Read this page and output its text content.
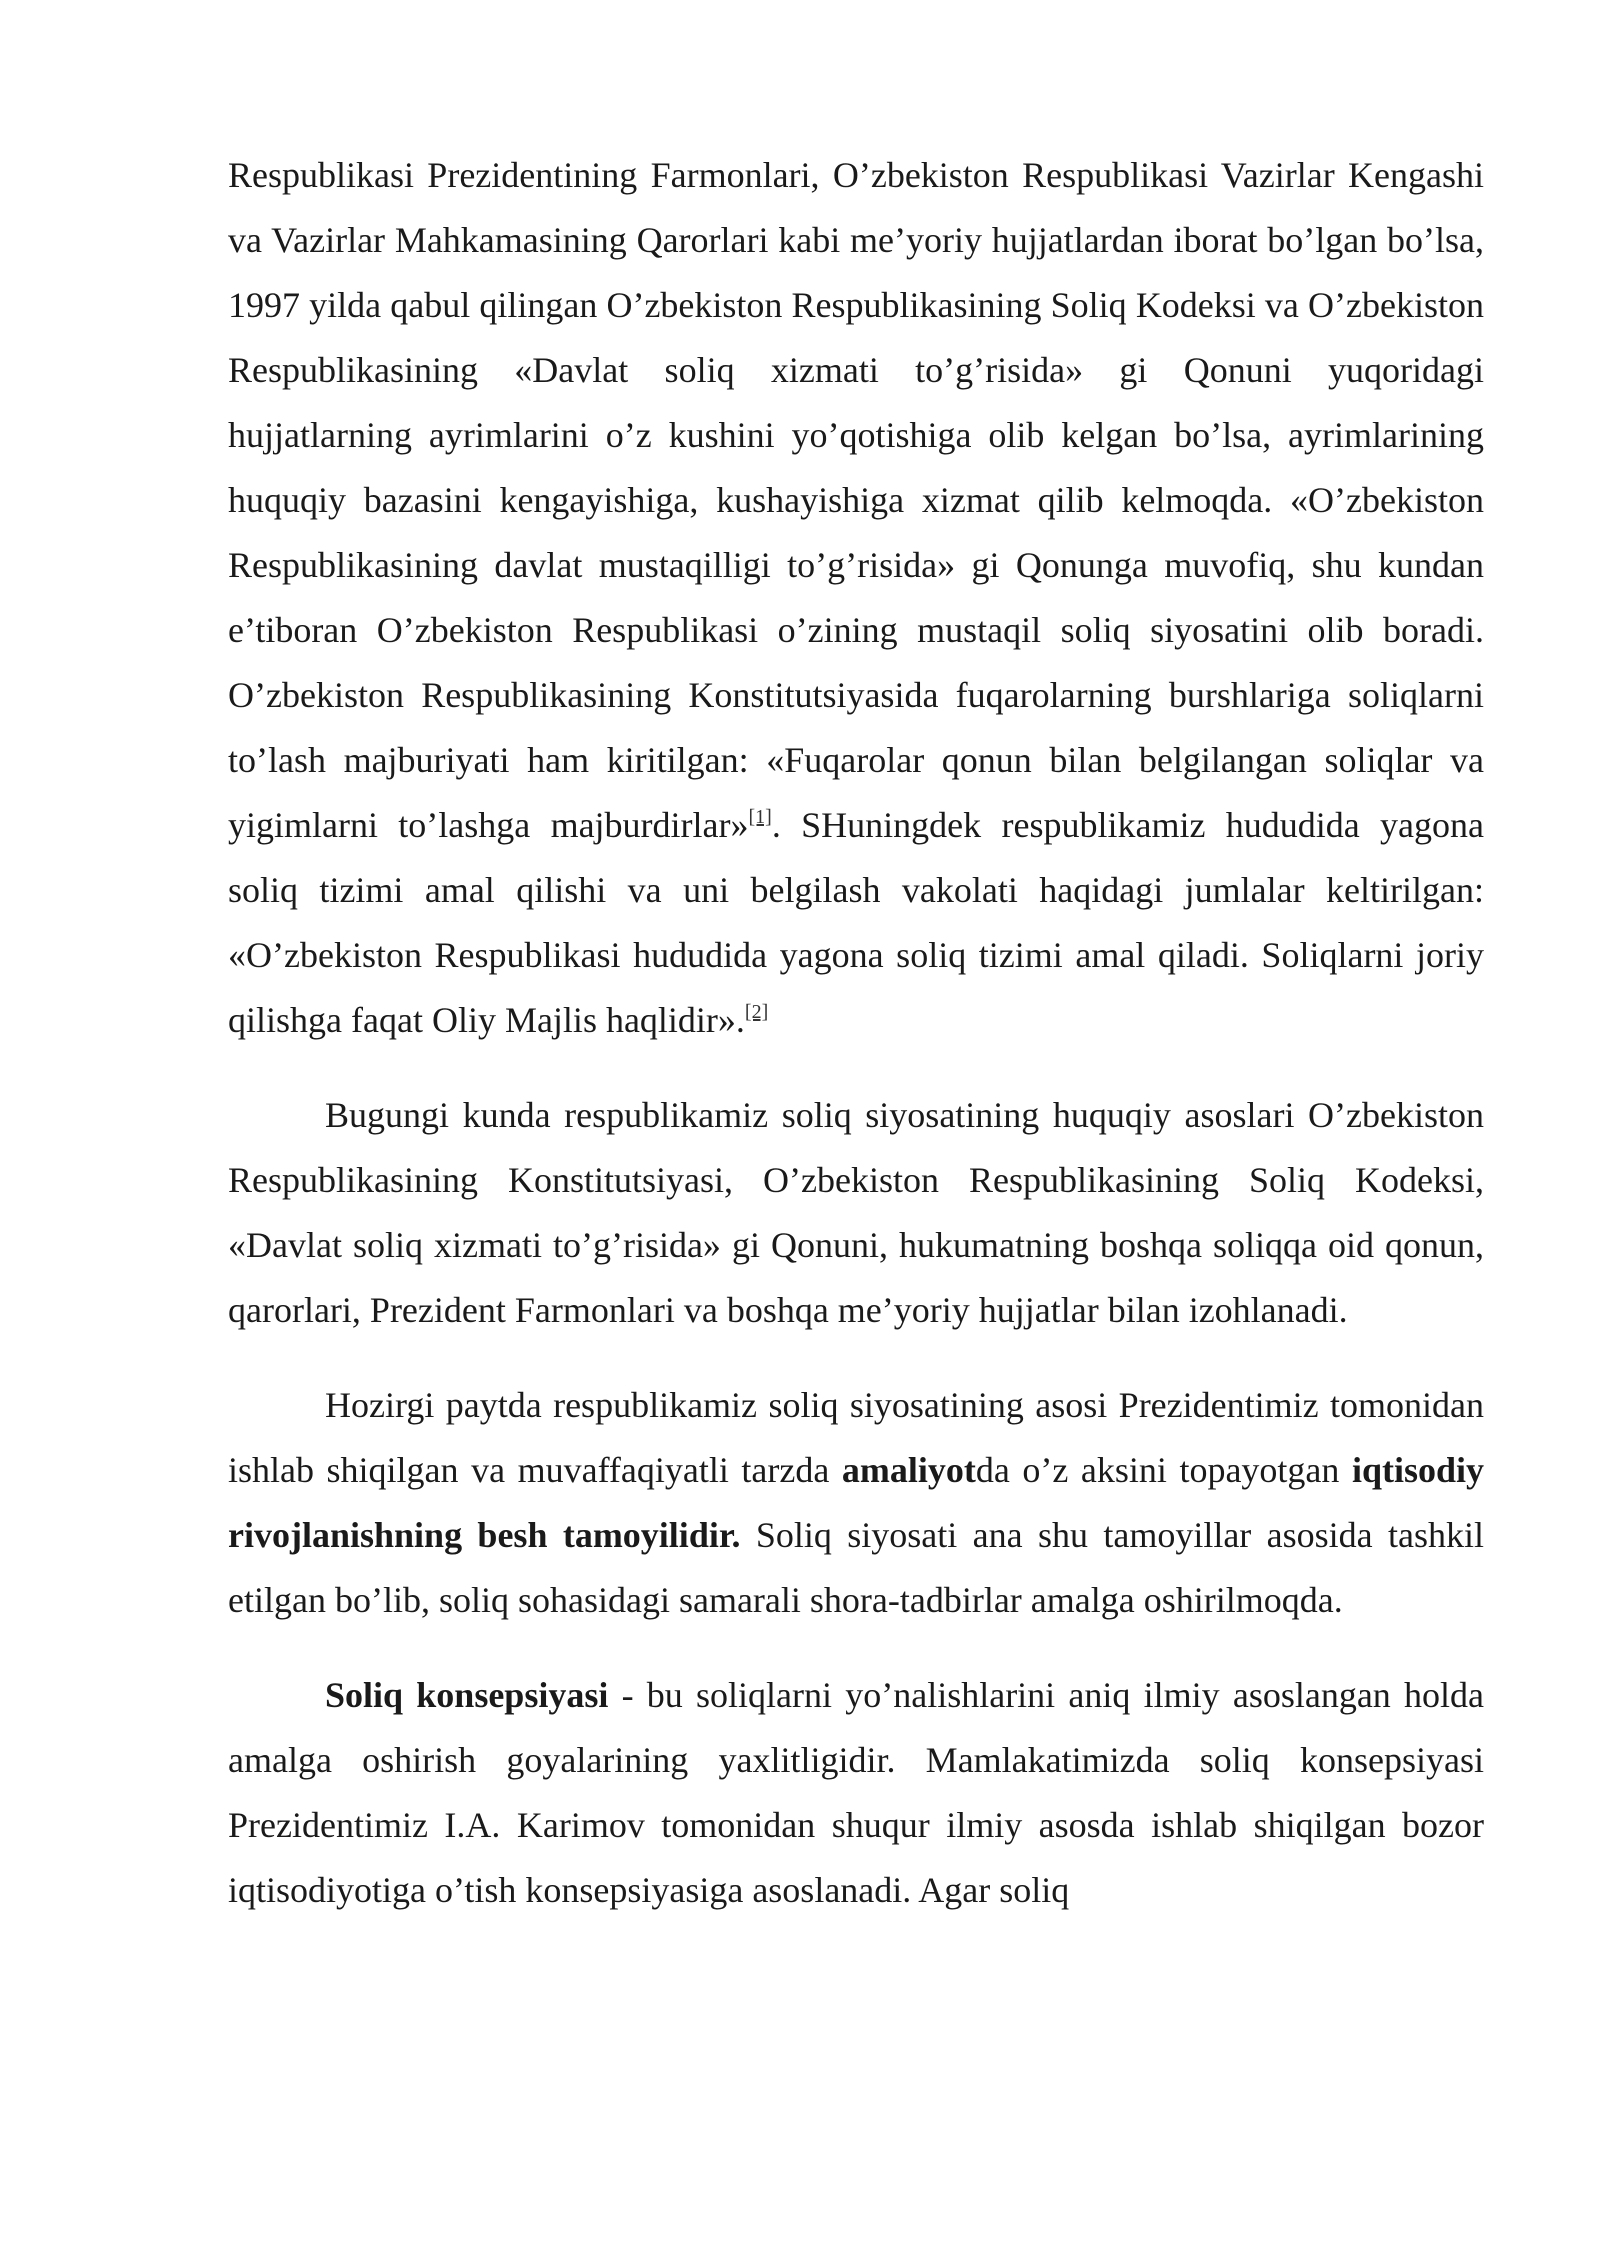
Respublikasi Prezidentining Farmonlari, O’zbekiston Respublikasi Vazirlar Kengashi va Vazirlar Mahkamasining Qarorlari kabi me’yoriy hujjatlardan iborat bo’lgan bo’lsa, 1997 yilda qabul qilingan O’zbekiston Respublikasining Soliq Kodeksi va O’zbekiston Respublikasining «Davlat soliq xizmati to’g’risida» gi Qonuni yuqoridagi hujjatlarning ayrimlarini o’z kushini yo’qotishiga olib kelgan bo’lsa, ayrimlarining huquqiy bazasini kengayishiga, kushayishiga xizmat qilib kelmoqda. «O’zbekiston Respublikasining davlat mustaqilligi to’g’risida» gi Qonunga muvofiq, shu kundan e’tiboran O’zbekiston Respublikasi o’zining mustaqil soliq siyosatini olib boradi. O’zbekiston Respublikasining Konstitutsiyasida fuqarolarning burshlariga soliqlarni to’lash majburiyati ham kiritilgan: «Fuqarolar qonun bilan belgilangan soliqlar va yigimlarni to’lashga majburdirlar»[1]. SHuningdek respublikamiz hududida yagona soliq tizimi amal qilishi va uni belgilash vakolati haqidagi jumlalar keltirilgan: «O’zbekiston Respublikasi hududida yagona soliq tizimi amal qiladi. Soliqlarni joriy qilishga faqat Oliy Majlis haqlidir».[2]

Bugungi kunda respublikamiz soliq siyosatining huquqiy asoslari O’zbekiston Respublikasining Konstitutsiyasi, O’zbekiston Respublikasining Soliq Kodeksi, «Davlat soliq xizmati to’g’risida» gi Qonuni, hukumatning boshqa soliqqa oid qonun, qarorlari, Prezident Farmonlari va boshqa me’yoriy hujjatlar bilan izohlanadi.

Hozirgi paytda respublikamiz soliq siyosatining asosi Prezidentimiz tomonidan ishlab shiqilgan va muvaffaqiyatli tarzda amaliyotda o’z aksini topayotgan iqtisodiy rivojlanishning besh tamoyilidir. Soliq siyosati ana shu tamoyillar asosida tashkil etilgan bo’lib, soliq sohasidagi samarali shora-tadbirlar amalga oshirilmoqda.

Soliq konsepsiyasi - bu soliqlarni yo’nalishlarini aniq ilmiy asoslangan holda amalga oshirish goyalarining yaxlitligidir. Mamlakatimizda soliq konsepsiyasi Prezidentimiz I.A. Karimov tomonidan shuqur ilmiy asosda ishlab shiqilgan bozor iqtisodiyotiga o’tish konsepsiyasiga asoslanadi. Agar soliq
